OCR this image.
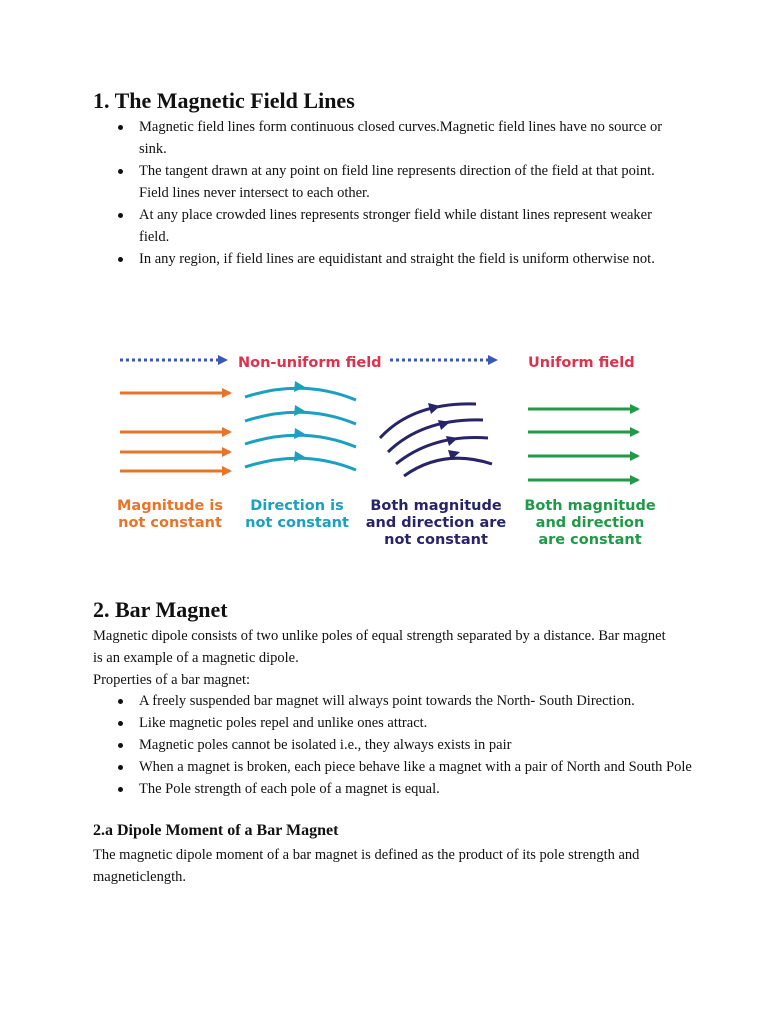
1. The Magnetic Field Lines
Magnetic field lines form continuous closed curves.Magnetic field lines have no source or sink.
The tangent drawn at any point on field line represents direction of the field at that point. Field lines never intersect to each other.
At any place crowded lines represents stronger field while distant lines represent weaker field.
In any region, if field lines are equidistant and straight the field is uniform otherwise not.
Non-uniform field	Uniform field
Magnitude is
not constant
Direction is
not constant
Both magnitude
and direction are
not constant
Both magnitude
and direction
are constant
2. Bar Magnet

Magnetic dipole consists of two unlike poles of equal strength separated by a distance. Bar magnet is an example of a magnetic dipole.

Properties of a bar magnet:

A freely suspended bar magnet will always point towards the North- South Direction.
Like magnetic poles repel and unlike ones attract.
Magnetic poles cannot be isolated i.e., they always exists in pair
When a magnet is broken, each piece behave like a magnet with a pair of North and South Pole
The Pole strength of each pole of a magnet is equal.
2.a Dipole Moment of a Bar Magnet

The magnetic dipole moment of a bar magnet is defined as the product of its pole strength and magneticlength.
